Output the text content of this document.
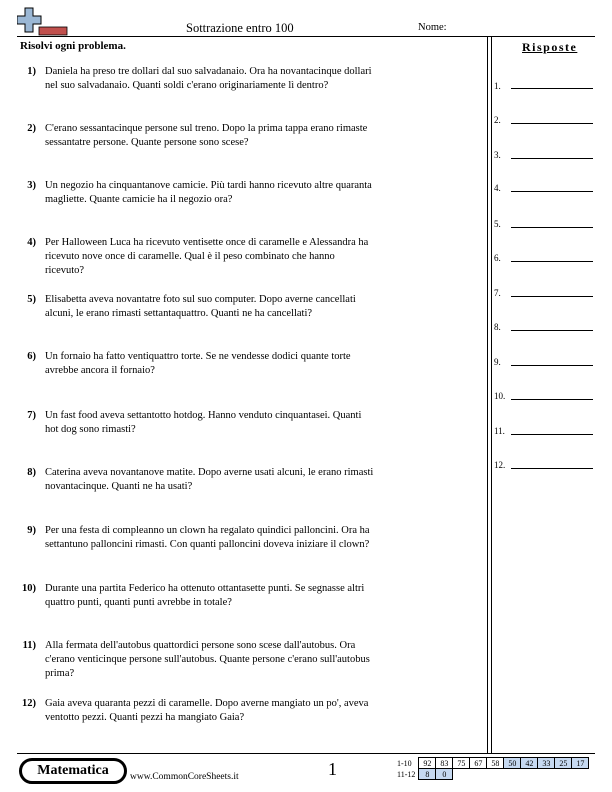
Sottrazione entro 100	Nome:
Risolvi ogni problema.	Risposte
1) Daniela ha preso tre dollari dal suo salvadanaio. Ora ha novantacinque dollari nel suo salvadanaio. Quanti soldi c'erano originariamente lì dentro?
2) C'erano sessantacinque persone sul treno. Dopo la prima tappa erano rimaste sessantatre persone. Quante persone sono scese?
3) Un negozio ha cinquantanove camicie. Più tardi hanno ricevuto altre quaranta magliette. Quante camicie ha il negozio ora?
4) Per Halloween Luca ha ricevuto ventisette once di caramelle e Alessandra ha ricevuto nove once di caramelle. Qual è il peso combinato che hanno ricevuto?
5) Elisabetta aveva novantatre foto sul suo computer. Dopo averne cancellati alcuni, le erano rimasti settantaquattro. Quanti ne ha cancellati?
6) Un fornaio ha fatto ventiquattro torte. Se ne vendesse dodici quante torte avrebbe ancora il fornaio?
7) Un fast food aveva settantotto hotdog. Hanno venduto cinquantasei. Quanti hot dog sono rimasti?
8) Caterina aveva novantanove matite. Dopo averne usati alcuni, le erano rimasti novantacinque. Quanti ne ha usati?
9) Per una festa di compleanno un clown ha regalato quindici palloncini. Ora ha settantuno palloncini rimasti. Con quanti palloncini doveva iniziare il clown?
10) Durante una partita Federico ha ottenuto ottantasette punti. Se segnasse altri quattro punti, quanti punti avrebbe in totale?
11) Alla fermata dell'autobus quattordici persone sono scese dall'autobus. Ora c'erano venticinque persone sull'autobus. Quante persone c'erano sull'autobus prima?
12) Gaia aveva quaranta pezzi di caramelle. Dopo averne mangiato un po', aveva ventotto pezzi. Quanti pezzi ha mangiato Gaia?
1.
2.
3.
4.
5.
6.
7.
8.
9.
10.
11.
12.
Matematica	www.CommonCoreSheets.it	1	1-10	92	83	75	67	58	50	42	33	25	17
11-12	8	0								
